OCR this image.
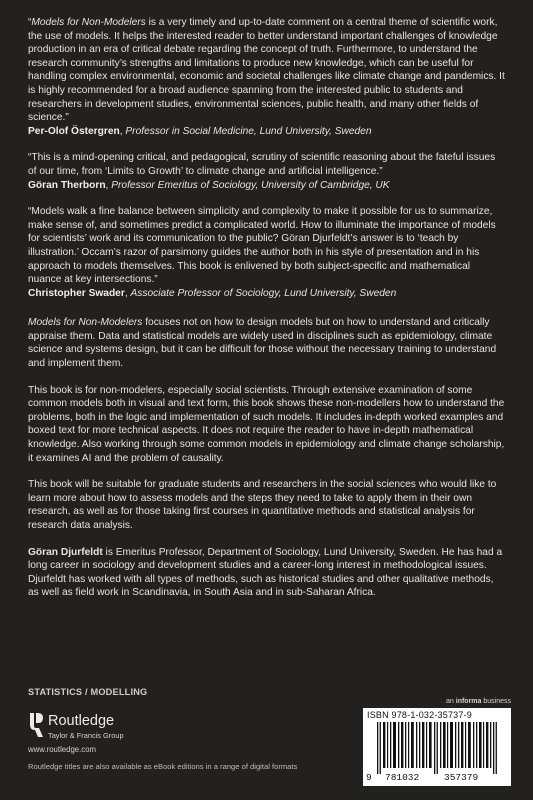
“Models for Non-Modelers is a very timely and up-to-date comment on a central theme of scientific work, the use of models. It helps the interested reader to better understand important challenges of knowledge production in an era of critical debate regarding the concept of truth. Furthermore, to understand the research community’s strengths and limitations to produce new knowledge, which can be useful for handling complex environmental, economic and societal challenges like climate change and pandemics. It is highly recommended for a broad audience spanning from the interested public to students and researchers in development studies, environmental sciences, public health, and many other fields of science.”

Per-Olof Östergren, Professor in Social Medicine, Lund University, Sweden

“This is a mind-opening critical, and pedagogical, scrutiny of scientific reasoning about the fateful issues of our time, from ‘Limits to Growth’ to climate change and artificial intelligence.”

Göran Therborn, Professor Emeritus of Sociology, University of Cambridge, UK

“Models walk a fine balance between simplicity and complexity to make it possible for us to summarize, make sense of, and sometimes predict a complicated world. How to illuminate the importance of models for scientists’ work and its communication to the public? Göran Djurfeldt’s answer is to ‘teach by illustration.’ Occam’s razor of parsimony guides the author both in his style of presentation and in his approach to models themselves. This book is enlivened by both subject-specific and mathematical nuance at key intersections.”

Christopher Swader, Associate Professor of Sociology, Lund University, Sweden

Models for Non-Modelers focuses not on how to design models but on how to understand and critically appraise them. Data and statistical models are widely used in disciplines such as epidemiology, climate science and systems design, but it can be difficult for those without the necessary training to understand and implement them.

This book is for non-modelers, especially social scientists. Through extensive examination of some common models both in visual and text form, this book shows these non-modellers how to understand the problems, both in the logic and implementation of such models. It includes in-depth worked examples and boxed text for more technical aspects. It does not require the reader to have in-depth mathematical knowledge. Also working through some common models in epidemiology and climate change scholarship, it examines AI and the problem of causality.

This book will be suitable for graduate students and researchers in the social sciences who would like to learn more about how to assess models and the steps they need to take to apply them in their own research, as well as for those taking first courses in quantitative methods and statistical analysis for research data analysis.

Göran Djurfeldt is Emeritus Professor, Department of Sociology, Lund University, Sweden. He has had a long career in sociology and development studies and a career-long interest in methodological issues. Djurfeldt has worked with all types of methods, such as historical studies and other qualitative methods, as well as field work in Scandinavia, in South Asia and in sub-Saharan Africa.

STATISTICS / MODELLING
Routledge
Taylor & Francis Group
www.routledge.com
Routledge titles are also available as eBook editions in a range of digital formats
an informa business
ISBN 978-1-032-35737-9
9 781032	357379
